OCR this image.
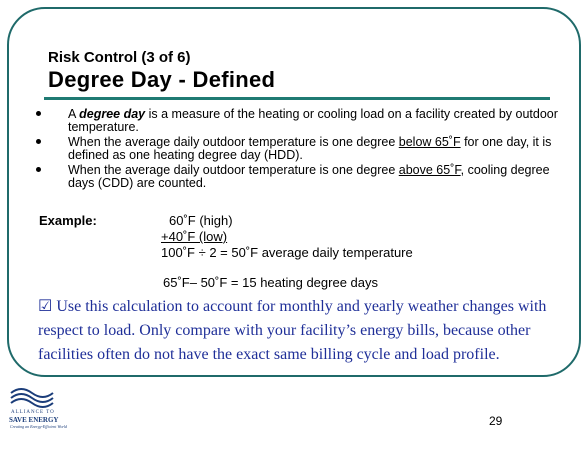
Risk Control (3 of 6)
Degree Day - Defined
A degree day is a measure of the heating or cooling load on a facility created by outdoor temperature.
When the average daily outdoor temperature is one degree below 65˚F for one day, it is defined as one heating degree day (HDD).
When the average daily outdoor temperature is one degree above 65˚F, cooling degree days (CDD) are counted.
Example:	60˚F (high)
+40˚F (low)
100˚F ÷ 2 = 50˚F average daily temperature
65˚F– 50˚F = 15 heating degree days
☑ Use this calculation to account for monthly and yearly weather changes with respect to load. Only compare with your facility’s energy bills, because other facilities often do not have the exact same billing cycle and load profile.
ALLIANCE TO
SAVE ENERGY
Creating an Energy-Efficient World	29
